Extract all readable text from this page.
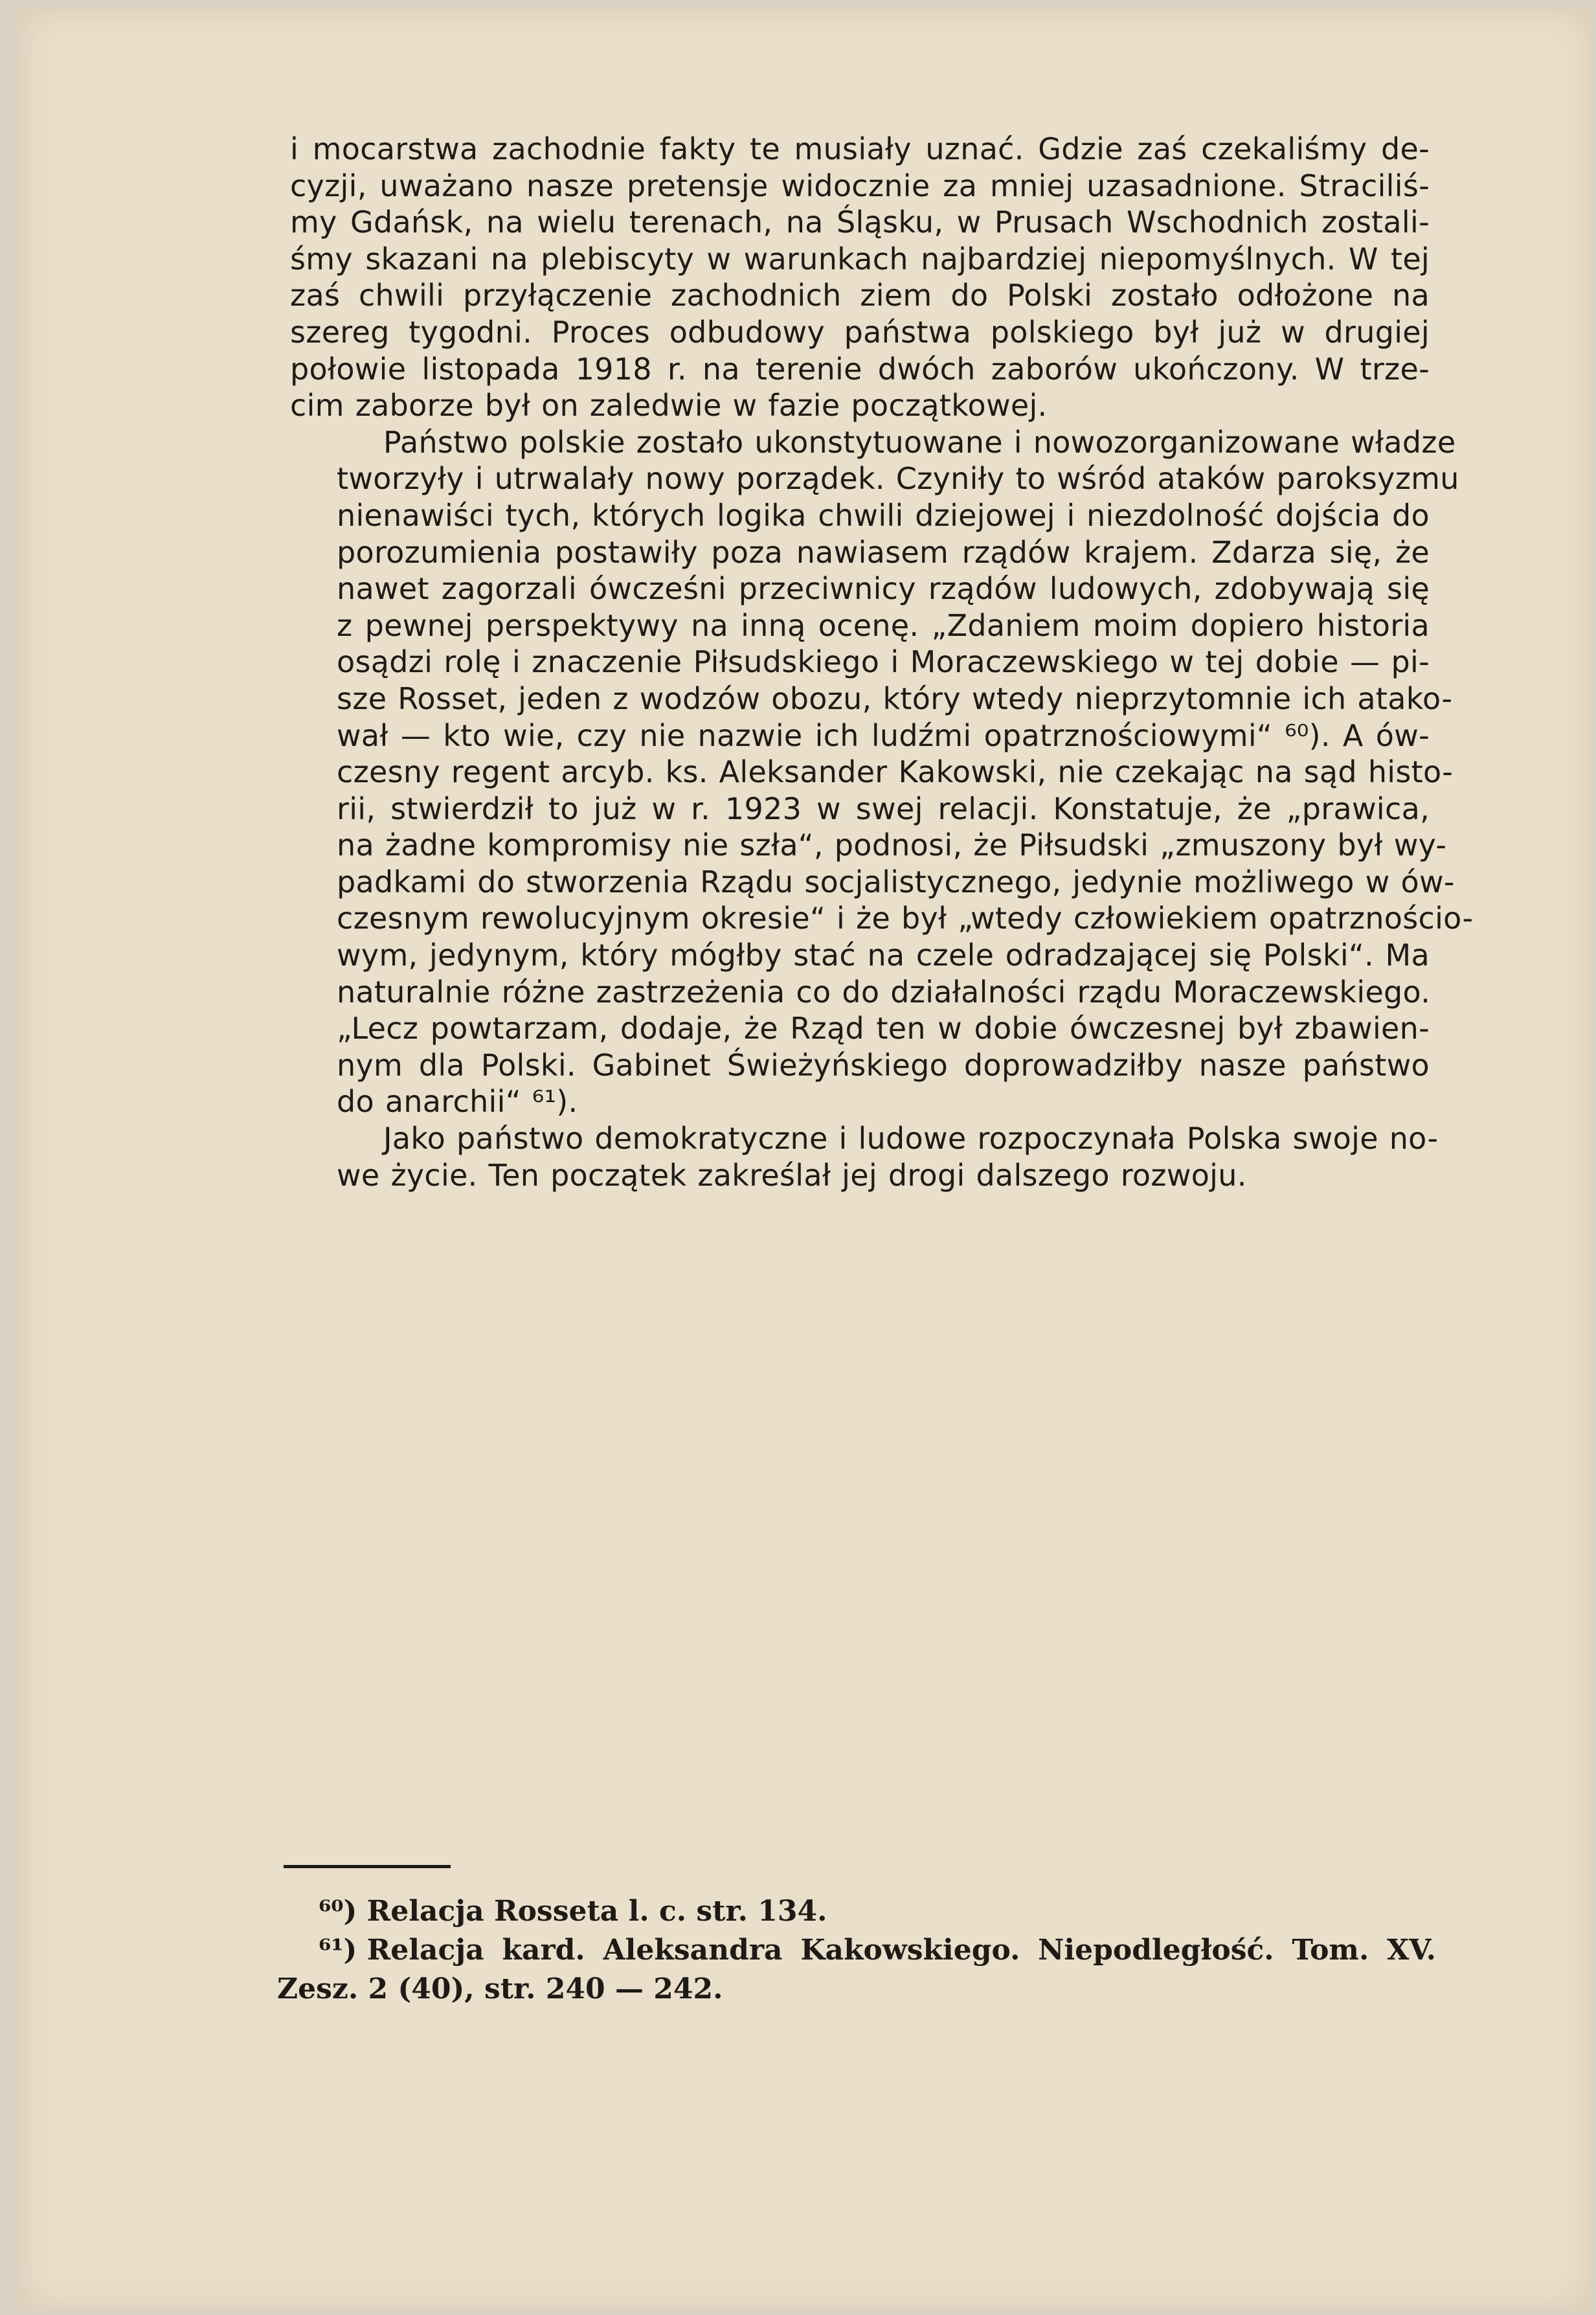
i mocarstwa zachodnie fakty te musiały uznać. Gdzie zaś czekaliśmy de-
cyzji, uważano nasze pretensje widocznie za mniej uzasadnione. Straciliś-
my Gdańsk, na wielu terenach, na Śląsku, w Prusach Wschodnich zostali-
śmy skazani na plebiscyty w warunkach najbardziej niepomyślnych. W tej
zaś chwili przyłączenie zachodnich ziem do Polski zostało odłożone na
szereg tygodni. Proces odbudowy państwa polskiego był już w drugiej
połowie listopada 1918 r. na terenie dwóch zaborów ukończony. W trze-
cim zaborze był on zaledwie w fazie początkowej.
Państwo polskie zostało ukonstytuowane i nowozorganizowane władze
tworzyły i utrwalały nowy porządek. Czyniły to wśród ataków paroksyzmu
nienawiści tych, których logika chwili dziejowej i niezdolność dojścia do
porozumienia postawiły poza nawiasem rządów krajem. Zdarza się, że
nawet zagorzali ówcześni przeciwnicy rządów ludowych, zdobywają się
z pewnej perspektywy na inną ocenę. „Zdaniem moim dopiero historia
osądzi rolę i znaczenie Piłsudskiego i Moraczewskiego w tej dobie — pi-
sze Rosset, jeden z wodzów obozu, który wtedy nieprzytomnie ich atako-
wał — kto wie, czy nie nazwie ich ludźmi opatrznościowymi“ ⁶⁰). A ów-
czesny regent arcyb. ks. Aleksander Kakowski, nie czekając na sąd histo-
rii, stwierdził to już w r. 1923 w swej relacji. Konstatuje, że „prawica,
na żadne kompromisy nie szła“, podnosi, że Piłsudski „zmuszony był wy-
padkami do stworzenia Rządu socjalistycznego, jedynie możliwego w ów-
czesnym rewolucyjnym okresie“ i że był „wtedy człowiekiem opatrznościo-
wym, jedynym, który mógłby stać na czele odradzającej się Polski“. Ma
naturalnie różne zastrzeżenia co do działalności rządu Moraczewskiego.
„Lecz powtarzam, dodaje, że Rząd ten w dobie ówczesnej był zbawien-
nym dla Polski. Gabinet Świeżyńskiego doprowadziłby nasze państwo
do anarchii“ ⁶¹).
Jako państwo demokratyczne i ludowe rozpoczynała Polska swoje no-
we życie. Ten początek zakreślał jej drogi dalszego rozwoju.
⁶⁰) Relacja Rosseta l. c. str. 134.
⁶¹) Relacja kard. Aleksandra Kakowskiego. Niepodległość. Tom. XV.
Zesz. 2 (40), str. 240 — 242.
